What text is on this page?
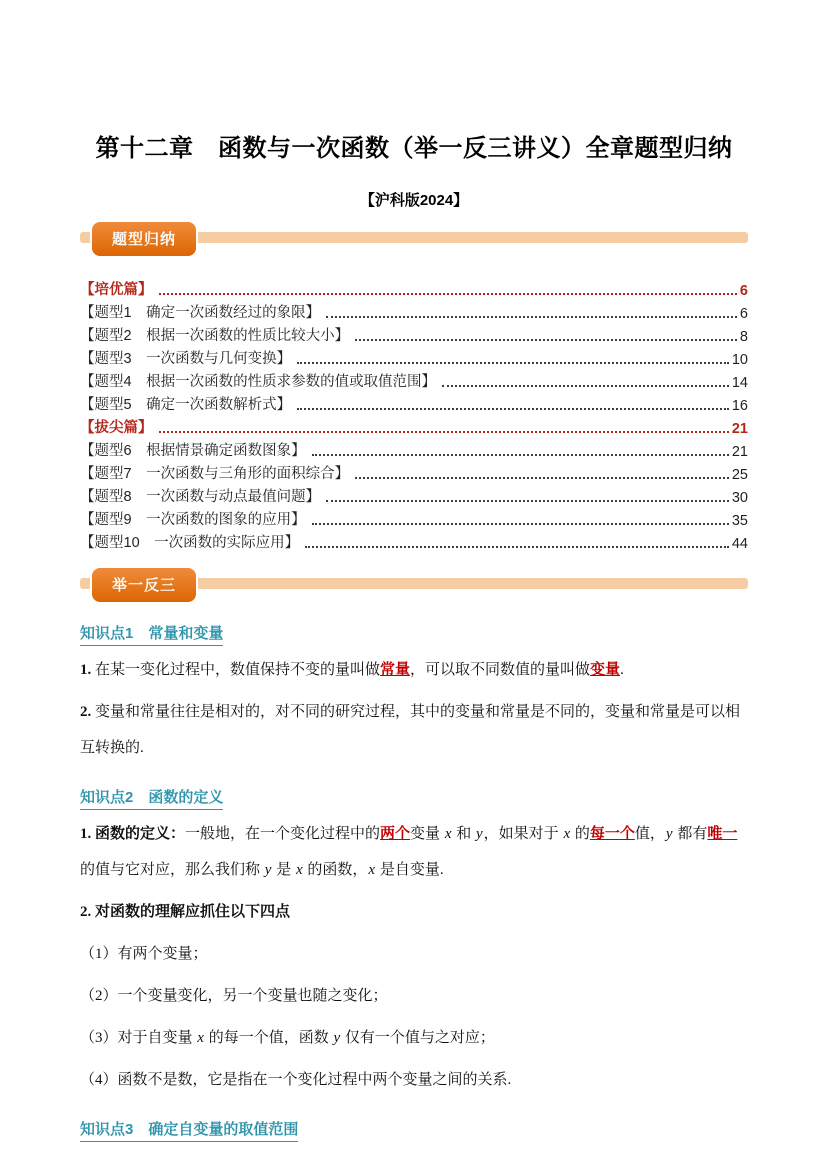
第十二章　函数与一次函数（举一反三讲义）全章题型归纳
【沪科版2024】
题型归纳
【培优篇】	6
【题型1　确定一次函数经过的象限】	6
【题型2　根据一次函数的性质比较大小】	8
【题型3　一次函数与几何变换】	10
【题型4　根据一次函数的性质求参数的值或取值范围】	14
【题型5　确定一次函数解析式】	16
【拔尖篇】	21
【题型6　根据情景确定函数图象】	21
【题型7　一次函数与三角形的面积综合】	25
【题型8　一次函数与动点最值问题】	30
【题型9　一次函数的图象的应用】	35
【题型10　一次函数的实际应用】	44
举一反三
知识点1　常量和变量

1. 在某一变化过程中，数值保持不变的量叫做常量，可以取不同数值的量叫做变量.

2. 变量和常量往往是相对的，对不同的研究过程，其中的变量和常量是不同的，变量和常量是可以相互转换的.

知识点2　函数的定义

1. 函数的定义：一般地，在一个变化过程中的两个变量 x 和 y，如果对于 x 的每一个值，y 都有唯一的值与它对应，那么我们称 y 是 x 的函数，x 是自变量.

2. 对函数的理解应抓住以下四点

（1）有两个变量；

（2）一个变量变化，另一个变量也随之变化；

（3）对于自变量 x 的每一个值，函数 y 仅有一个值与之对应；

（4）函数不是数，它是指在一个变化过程中两个变量之间的关系.

知识点3　确定自变量的取值范围
